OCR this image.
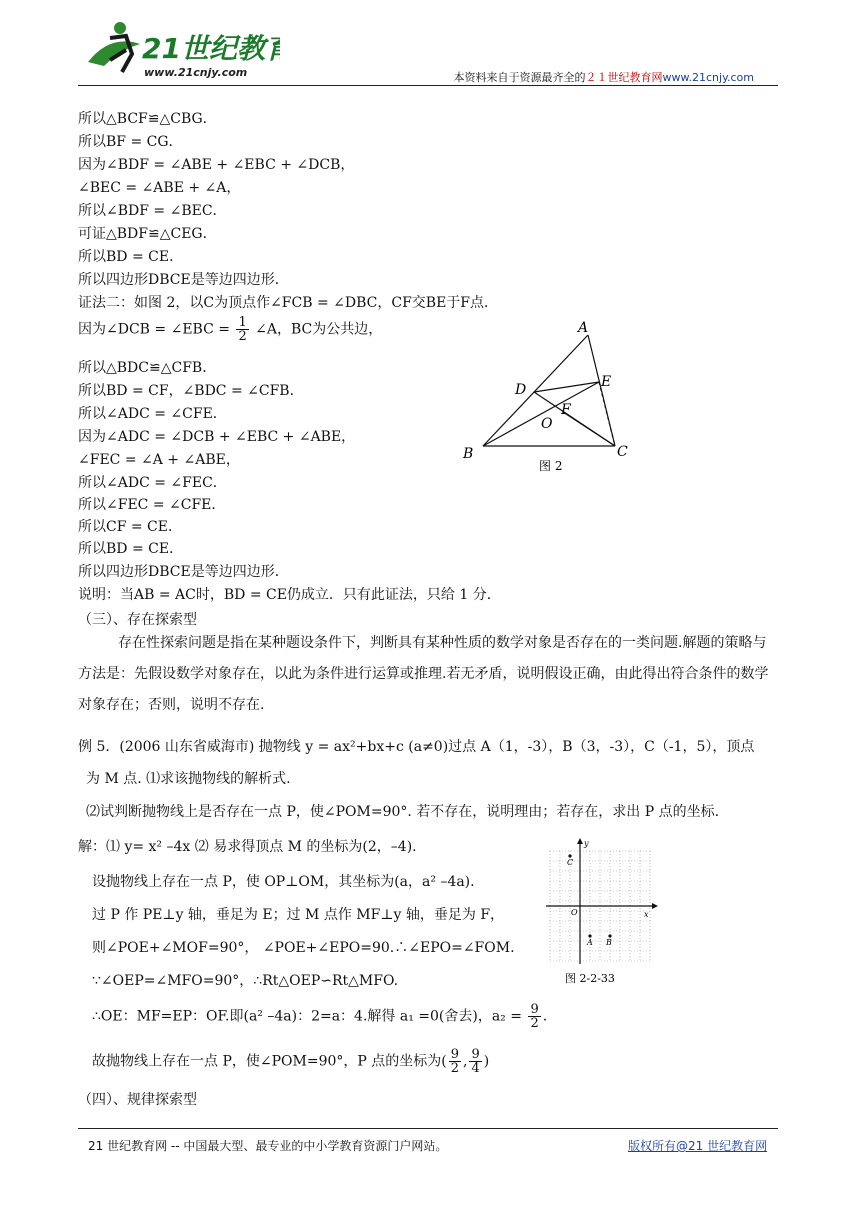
21世纪教育
www.21cnjy.com	本资料来自于资源最齐全的２１世纪教育网www.21cnjy.com
所以△BCF≌△CBG．
所以BF = CG．
因为∠BDF = ∠ABE + ∠EBC + ∠DCB，
∠BEC = ∠ABE + ∠A，
所以∠BDF = ∠BEC．
可证△BDF≌△CEG．
所以BD = CE．
所以四边形DBCE是等边四边形．
证法二：如图 2，以C为顶点作∠FCB = ∠DBC，CF交BE于F点．
因为∠DCB = ∠EBC = $\frac{1}{2}$ ∠A，BC为公共边，
所以△BDC≌△CFB．
所以BD = CF，∠BDC = ∠CFB．
所以∠ADC = ∠CFE．
因为∠ADC = ∠DCB + ∠EBC + ∠ABE，
∠FEC = ∠A + ∠ABE，
所以∠ADC = ∠FEC．
所以∠FEC = ∠CFE．
所以CF = CE．
所以BD = CE．
所以四边形DBCE是等边四边形．
说明：当AB = AC时，BD = CE仍成立．只有此证法，只给 1 分．
A
B	C
D	E
F
O
图 2
（三）、存在探索型
存在性探索问题是指在某种题设条件下，判断具有某种性质的数学对象是否存在的一类问题.解题的策略与方法是：先假设数学对象存在，以此为条件进行运算或推理.若无矛盾，说明假设正确，由此得出符合条件的数学对象存在；否则，说明不存在.
例 5．(2006 山东省威海市) 抛物线 y = ax²+bx+c (a≠0)过点 A（1，-3），B（3，-3），C（-1，5），顶点
为 M 点. ⑴求该抛物线的解析式.
⑵试判断抛物线上是否存在一点 P，使∠POM=90°. 若不存在，说明理由；若存在，求出 P 点的坐标.
解：⑴ y= x² –4x ⑵ 易求得顶点 M 的坐标为(2，–4).
设抛物线上存在一点 P，使 OP⊥OM，其坐标为(a，a² –4a).
过 P 作 PE⊥y 轴，垂足为 E；过 M 点作 MF⊥y 轴，垂足为 F，
则∠POE+∠MOF=90°， ∠POE+∠EPO=90.∴∠EPO=∠FOM.
∵∠OEP=∠MFO=90°，∴Rt△OEP∽Rt△MFO.
∴OE：MF=EP：OF.即(a² –4a)：2=a：4.解得 a₁ =0(舍去)，$a_2 = \frac{9}{2}$ .
故抛物线上存在一点 P，使∠POM=90°，P 点的坐标为( $\frac{9}{2}$ , $\frac{9}{4}$ )
y
x
O
C
A B
图 2-2-33
（四）、规律探索型
21 世纪教育网 -- 中国最大型、最专业的中小学教育资源门户网站。	版权所有@21 世纪教育网
